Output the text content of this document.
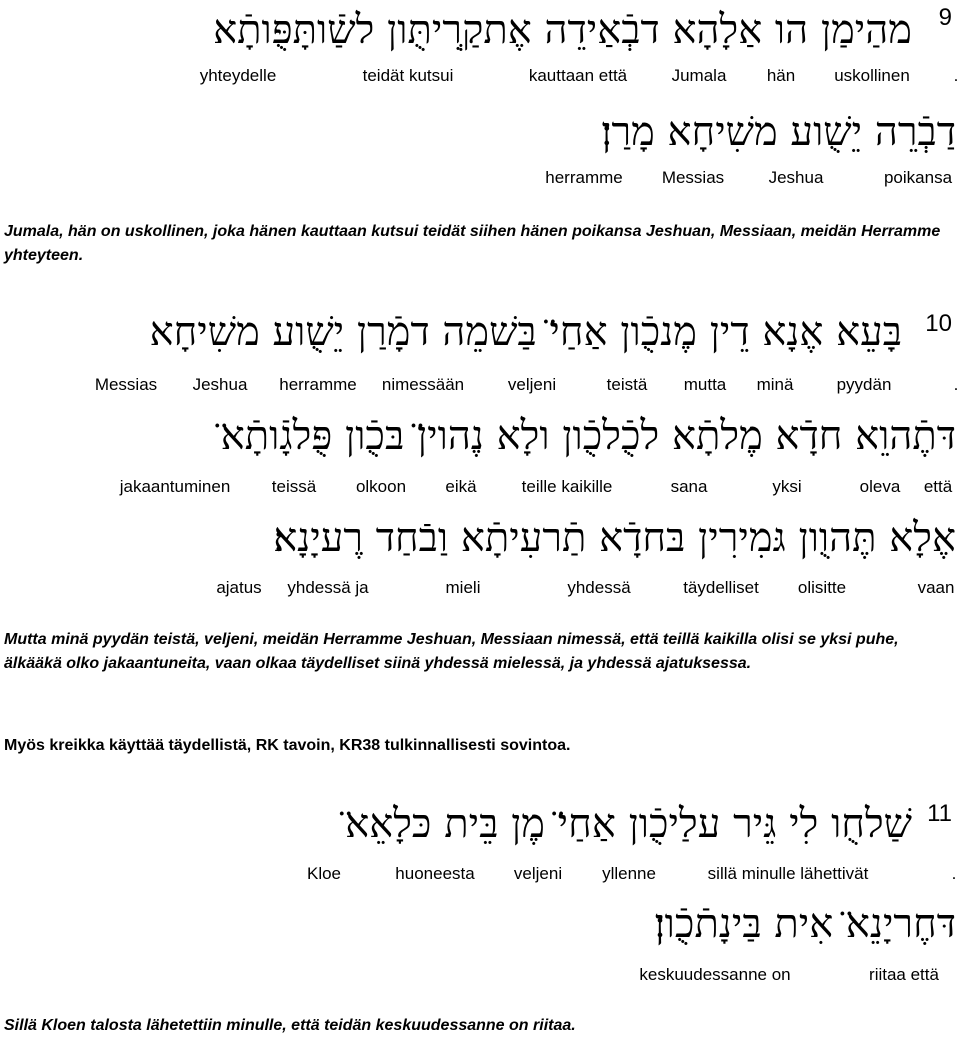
9
מהַימַן הו אַלָהָא דבְֿאַידֵה אֶתקְַרִיתֻּון לשַֿותָּפֻּותָֿא
yhteydelle	teidät kutsui	kauttaan että	Jumala hän uskollinen	.
דַבְֿרֵה יֵשֻׁוע משִׁיחָא מָרַן׃
herramme Messias	Jeshua	poikansa
Jumala, hän on uskollinen, joka hänen kauttaan kutsui teidät siihen hänen poikansa Jeshuan, Messiaan, meidän Herramme yhteyteen.
10
בָּעֵא אֶנָא דֵין מֶנכֻֿון אַחַי̈ בַּשׁמֵה דמָֿרַן יֵשֻׁוע משִׁיחָא
Messias Jeshua herramme nimessään	veljeni	teistä mutta minä	pyydän	.
דּתֶֿהוֵא חדָֿא מֶלתָֿא לכֻֿלכֻֿון ולָא נֶהוין̈ בּכֻֿון פֻּלגָֿותָֿא̈
jakaantuminen teissä olkoon eikä	teille kaikille	sana	yksi	oleva että
אֶלָא תֶּהוֻון גּמִירִין בּחדָֿא תַֿרעִיתָֿא וַבֿחַד רֶעיָנָא׃
ajatus yhdessä ja	mieli	yhdessä	täydelliset olisitte	vaan
Mutta minä pyydän teistä, veljeni, meidän Herramme Jeshuan, Messiaan nimessä, että teillä kaikilla olisi se yksi puhe, älkääkä olko jakaantuneita, vaan olkaa täydelliset siinä yhdessä mielessä, ja yhdessä ajatuksessa.
Myös kreikka käyttää täydellistä, RK tavoin, KR38 tulkinnallisesti sovintoa.
11
שַׁלחֻו לִי גֵּיר עלַיכֻֿון אַחַי̈ מֶן בֵּית כּלָאֵא̈
Kloe	huoneesta veljeni yllenne	sillä minulle lähettivät	.
דּחֶריָנֵא̈ אִית בַּינָתֿכֻֿון׃
keskuudessanne on	riitaa että
Sillä Kloen talosta lähetettiin minulle, että teidän keskuudessanne on riitaa.
